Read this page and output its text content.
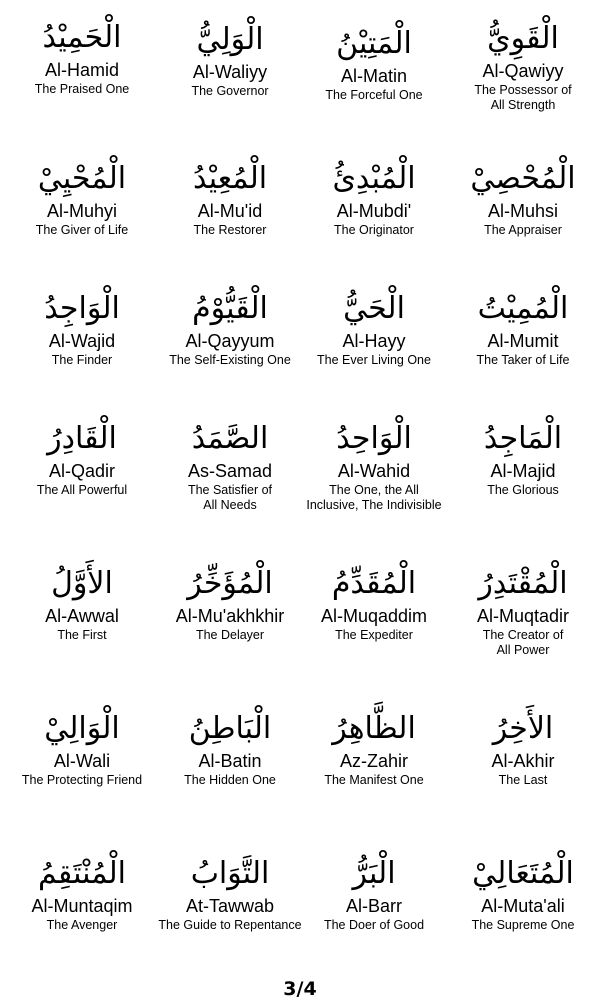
الْحَمِيْدُ
Al-Hamid
The Praised One
الْوَلِيُّ
Al-Waliyy
The Governor
الْمَتِيْنُ
Al-Matin
The Forceful One
الْقَوِيُّ
Al-Qawiyy
The Possessor of
All Strength
الْمُحْيِيْ
Al-Muhyi
The Giver of Life
الْمُعِيْدُ
Al-Mu'id
The Restorer
الْمُبْدِئُ
Al-Mubdi'
The Originator
الْمُحْصِيْ
Al-Muhsi
The Appraiser
الْوَاجِدُ
Al-Wajid
The Finder
الْقَيُّوْمُ
Al-Qayyum
The Self-Existing One
الْحَيُّ
Al-Hayy
The Ever Living One
الْمُمِيْتُ
Al-Mumit
The Taker of Life
الْقَادِرُ
Al-Qadir
The All Powerful
الصَّمَدُ
As-Samad
The Satisfier of
All Needs
الْوَاحِدُ
Al-Wahid
The One, the All
Inclusive, The Indivisible
الْمَاجِدُ
Al-Majid
The Glorious
الأَوَّلُ
Al-Awwal
The First
الْمُؤَخِّرُ
Al-Mu'akhkhir
The Delayer
الْمُقَدِّمُ
Al-Muqaddim
The Expediter
الْمُقْتَدِرُ
Al-Muqtadir
The Creator of
All Power
الْوَالِيْ
Al-Wali
The Protecting Friend
الْبَاطِنُ
Al-Batin
The Hidden One
الظَّاهِرُ
Az-Zahir
The Manifest One
الأَخِرُ
Al-Akhir
The Last
الْمُنْتَقِمُ
Al-Muntaqim
The Avenger
التَّوَابُ
At-Tawwab
The Guide to Repentance
الْبَرُّ
Al-Barr
The Doer of Good
الْمُتَعَالِيْ
Al-Muta'ali
The Supreme One
3/4
